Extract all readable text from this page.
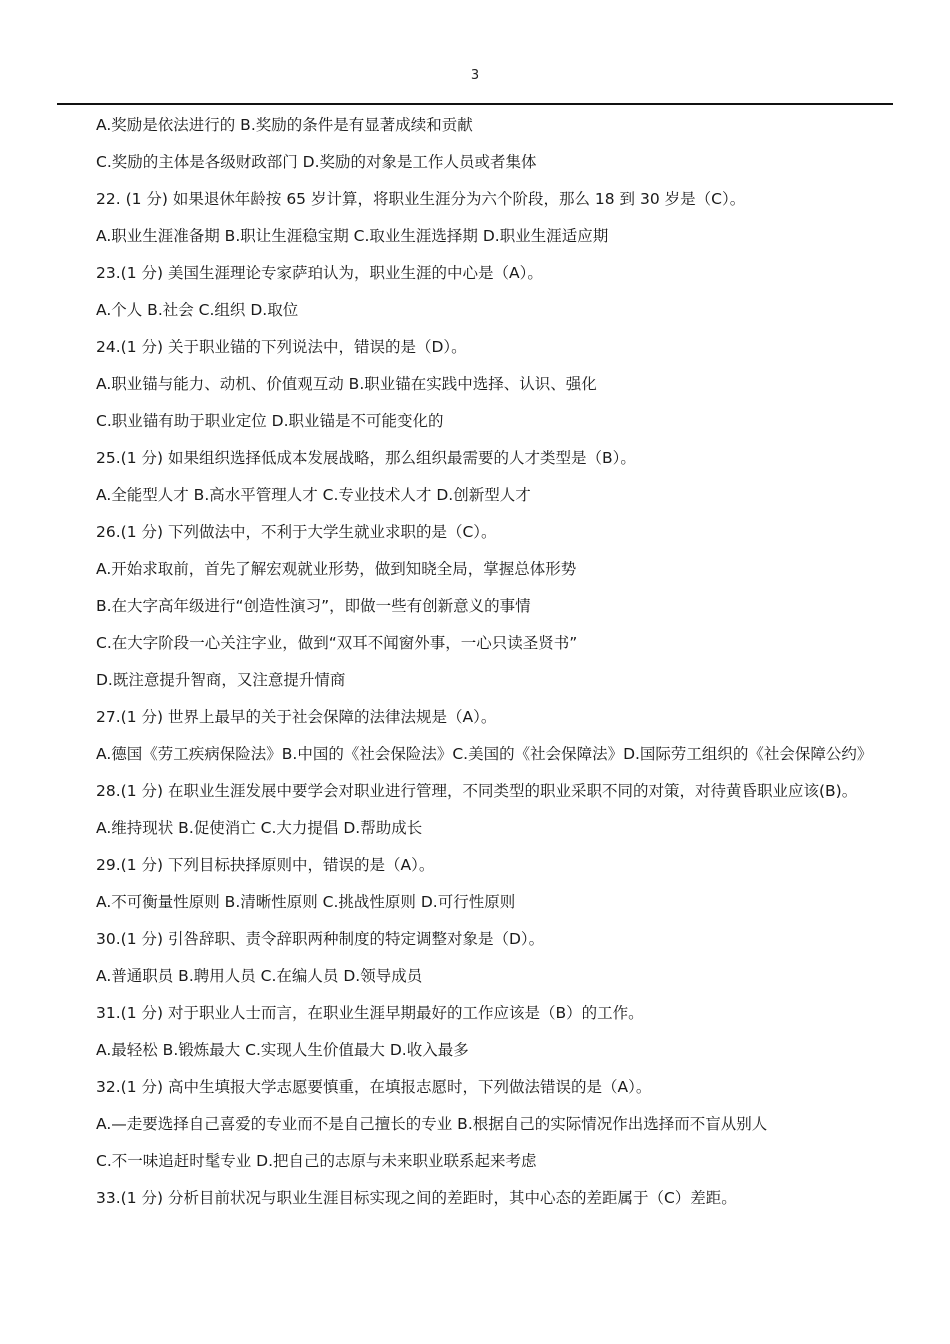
3

A.奖励是依法进行的 B.奖励的条件是有显著成续和贡献

C.奖励的主体是各级财政部门 D.奖励的对象是工作人员或者集体

22. (1 分) 如果退休年龄按 65 岁计算，将职业生涯分为六个阶段，那么 18 到 30 岁是（C）。

A.职业生涯准备期 B.职让生涯稳宝期 C.取业生涯选择期 D.职业生涯适应期

23.(1 分) 美国生涯理论专家萨珀认为，职业生涯的中心是（A）。

A.个人 B.社会 C.组织 D.取位

24.(1 分) 关于职业锚的下列说法中，错误的是（D）。

A.职业锚与能力、动机、价值观互动 B.职业锚在实践中选择、认识、强化

C.职业锚有助于职业定位 D.职业锚是不可能变化的

25.(1 分) 如果组织选择低成本发展战略，那么组织最需要的人才类型是（B）。

A.全能型人才 B.高水平管理人才 C.专业技术人才 D.创新型人才

26.(1 分) 下列做法中，不利于大学生就业求职的是（C）。

A.开始求取前，首先了解宏观就业形势，做到知晓全局，掌握总体形势

B.在大字高年级进行“创造性演习”，即做一些有创新意义的事情

C.在大字阶段一心关注字业，做到“双耳不闻窗外事，一心只读圣贤书”

D.既注意提升智商，又注意提升情商

27.(1 分) 世界上最早的关于社会保障的法律法规是（A）。

A.德国《劳工疾病保险法》B.中国的《社会保险法》C.美国的《社会保障法》D.国际劳工组织的《社会保障公约》

28.(1 分) 在职业生涯发展中要学会对职业进行管理，不同类型的职业采职不同的对策，对待黄昏职业应该(B)。

A.维持现状 B.促使消亡 C.大力提倡 D.帮助成长

29.(1 分) 下列目标抉择原则中，错误的是（A）。

A.不可衡量性原则 B.清晰性原则 C.挑战性原则 D.可行性原则

30.(1 分) 引咎辞职、责令辞职两种制度的特定调整对象是（D）。

A.普通职员 B.聘用人员 C.在编人员 D.领导成员

31.(1 分) 对于职业人士而言，在职业生涯早期最好的工作应该是（B）的工作。

A.最轻松 B.锻炼最大 C.实现人生价值最大 D.收入最多

32.(1 分) 高中生填报大学志愿要慎重，在填报志愿时，下列做法错误的是（A）。

A.—走要选择自己喜爱的专业而不是自己擅长的专业 B.根据自己的实际情况作出选择而不盲从别人

C.不一味追赶时髦专业 D.把自己的志原与未来职业联系起来考虑

33.(1 分) 分析目前状况与职业生涯目标实现之间的差距时，其中心态的差距属于（C）差距。
